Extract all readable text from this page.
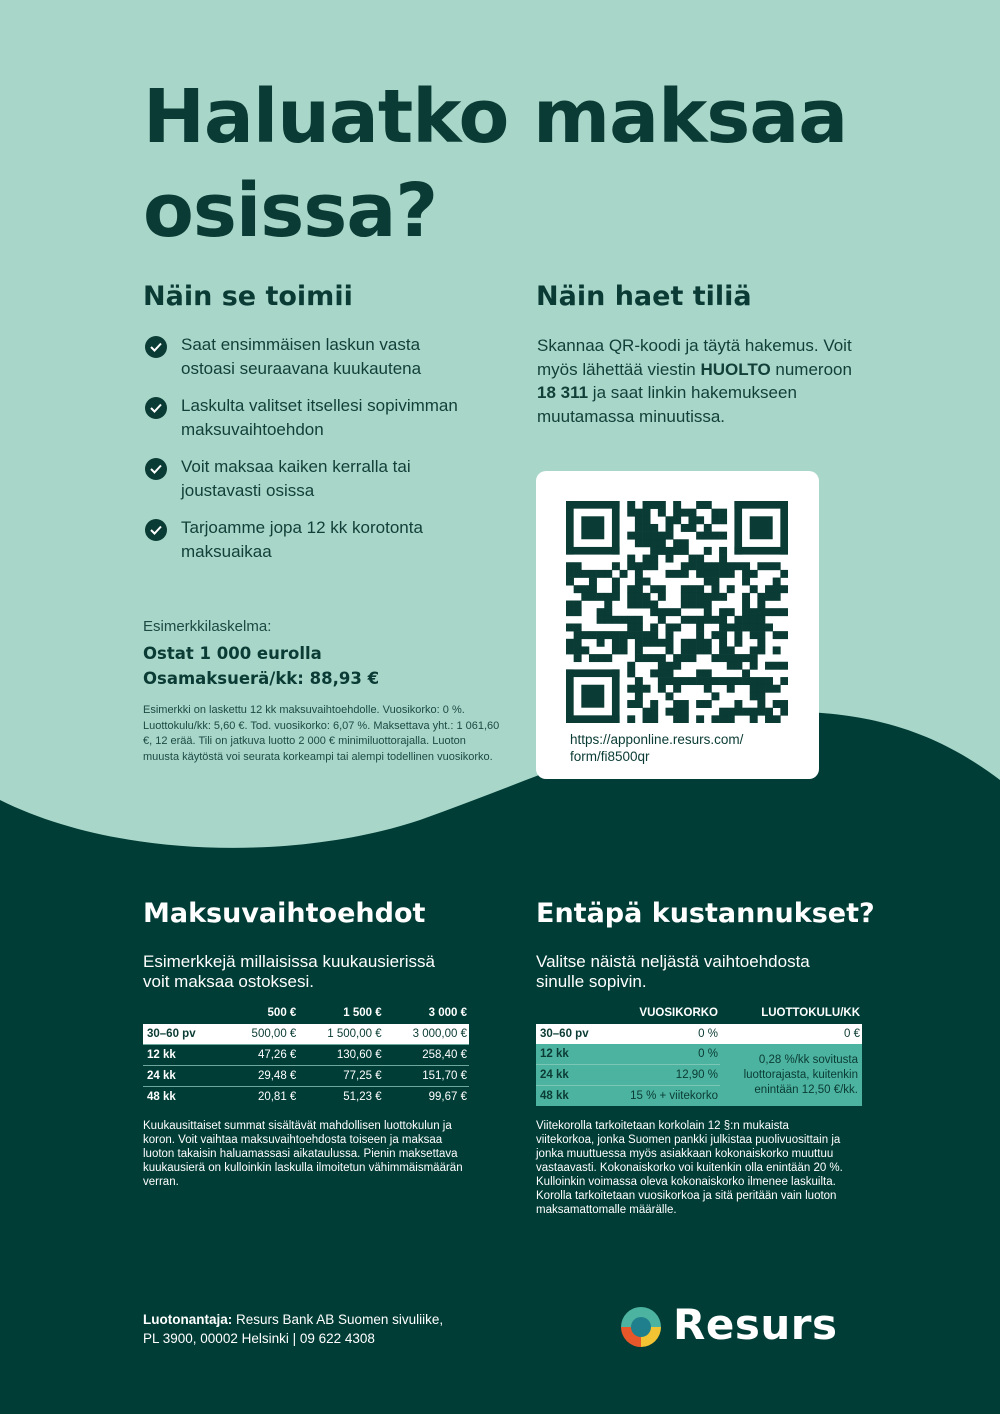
Haluatko maksaa
osissa?
Näin se toimii
Saat ensimmäisen laskun vasta
ostoasi seuraavana kuukautena
Laskulta valitset itsellesi sopivimman
maksuvaihtoehdon
Voit maksaa kaiken kerralla tai
joustavasti osissa
Tarjoamme jopa 12 kk korotonta
maksuaikaa
Näin haet tiliä
Skannaa QR-koodi ja täytä hakemus. Voit myös lähettää viestin HUOLTO numeroon 18 311 ja saat linkin hakemukseen muutamassa minuutissa.
https://apponline.resurs.com/
form/fi8500qr
Esimerkkilaskelma:
Ostat 1 000 eurolla
Osamaksuerä/kk: 88,93 €
Esimerkki on laskettu 12 kk maksuvaihtoehdolle. Vuosikorko: 0 %. Luottokulu/kk: 5,60 €. Tod. vuosikorko: 6,07 %. Maksettava yht.: 1 061,60 €, 12 erää. Tili on jatkuva luotto 2 000 € minimiluottorajalla. Luoton muusta käytöstä voi seurata korkeampi tai alempi todellinen vuosikorko.
Maksuvaihtoehdot
Esimerkkejä millaisissa kuukausierissä
voit maksaa ostoksesi.
	500 €	1 500 €	3 000 €
30–60 pv	500,00 €	1 500,00 €	3 000,00 €
12 kk	47,26 €	130,60 €	258,40 €
24 kk	29,48 €	77,25 €	151,70 €
48 kk	20,81 €	51,23 €	99,67 €
Kuukausittaiset summat sisältävät mahdollisen luottokulun ja koron. Voit vaihtaa maksuvaihtoehdosta toiseen ja maksaa luoton takaisin haluamassasi aikataulussa. Pienin maksettava kuukausierä on kulloinkin laskulla ilmoitetun vähimmäismäärän verran.
Entäpä kustannukset?
Valitse näistä neljästä vaihtoehdosta
sinulle sopivin.
	VUOSIKORKO	LUOTTOKULU/KK
30–60 pv	0 %	0 €
12 kk	0 %	0,28 %/kk sovitusta luottorajasta, kuitenkin enintään 12,50 €/kk.
24 kk	12,90 %	
48 kk	15 % + viitekorko	
Viitekorolla tarkoitetaan korkolain 12 §:n mukaista viitekorkoa, jonka Suomen pankki julkistaa puolivuosittain ja jonka muuttuessa myös asiakkaan kokonaiskorko muuttuu vastaavasti. Kokonaiskorko voi kuitenkin olla enintään 20 %. Kulloinkin voimassa oleva kokonaiskorko ilmenee laskuilta. Korolla tarkoitetaan vuosikorkoa ja sitä peritään vain luoton maksamattomalle määrälle.
Luotonantaja: Resurs Bank AB Suomen sivuliike,
PL 3900, 00002 Helsinki | 09 622 4308	Resurs
